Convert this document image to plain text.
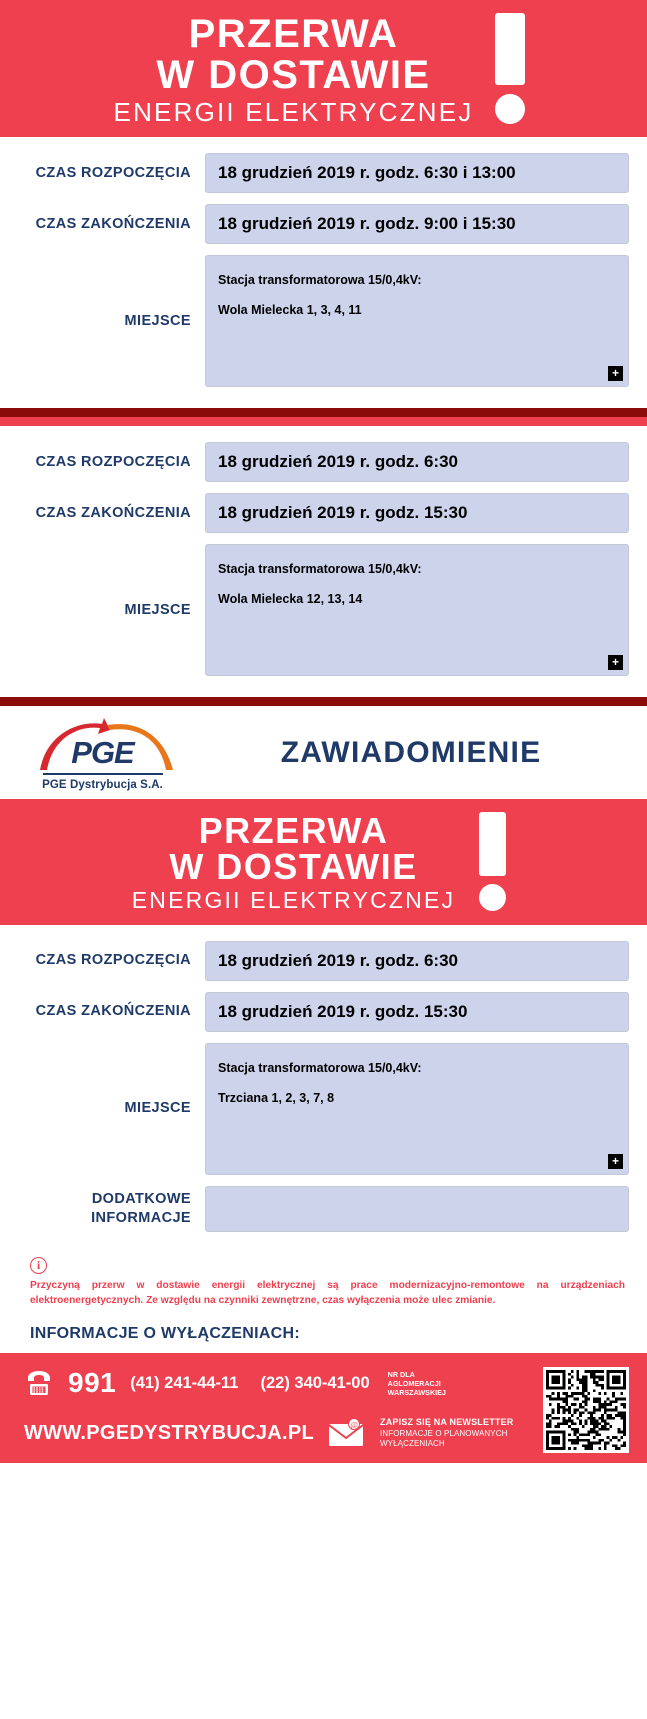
PRZERWA
W DOSTAWIE
ENERGII ELEKTRYCZNEJ
CZAS ROZPOCZĘCIA	18 grudzień 2019 r. godz. 6:30 i 13:00
CZAS ZAKOŃCZENIA	18 grudzień 2019 r. godz. 9:00 i 15:30
MIEJSCE
Stacja transformatorowa 15/0,4kV:
Wola Mielecka 1, 3, 4, 11
+
CZAS ROZPOCZĘCIA	18 grudzień 2019 r. godz. 6:30
CZAS ZAKOŃCZENIA	18 grudzień 2019 r. godz. 15:30
MIEJSCE
Stacja transformatorowa 15/0,4kV:
Wola Mielecka 12, 13, 14
+
PGE
PGE Dystrybucja S.A.
ZAWIADOMIENIE
PRZERWA
W DOSTAWIE
ENERGII ELEKTRYCZNEJ
CZAS ROZPOCZĘCIA	18 grudzień 2019 r. godz. 6:30
CZAS ZAKOŃCZENIA	18 grudzień 2019 r. godz. 15:30
MIEJSCE
Stacja transformatorowa 15/0,4kV:
Trzciana 1, 2, 3, 7, 8
+
DODATKOWE
INFORMACJE
i
Przyczyną przerw w dostawie energii elektrycznej są prace modernizacyjno-remontowe na urządzeniach elektroenergetycznych. Ze względu na czynniki zewnętrzne, czas wyłączenia może ulec zmianie.
INFORMACJE O WYŁĄCZENIACH:
991 (41) 241-44-11 (22) 340-41-00	NR DLA AGLOMERACJI
WARSZAWSKIEJ
WWW.PGEDYSTRYBUCJA.PL	@ ZAPISZ SIĘ NA NEWSLETTER
INFORMACJE O PLANOWANYCH
WYŁĄCZENIACH
